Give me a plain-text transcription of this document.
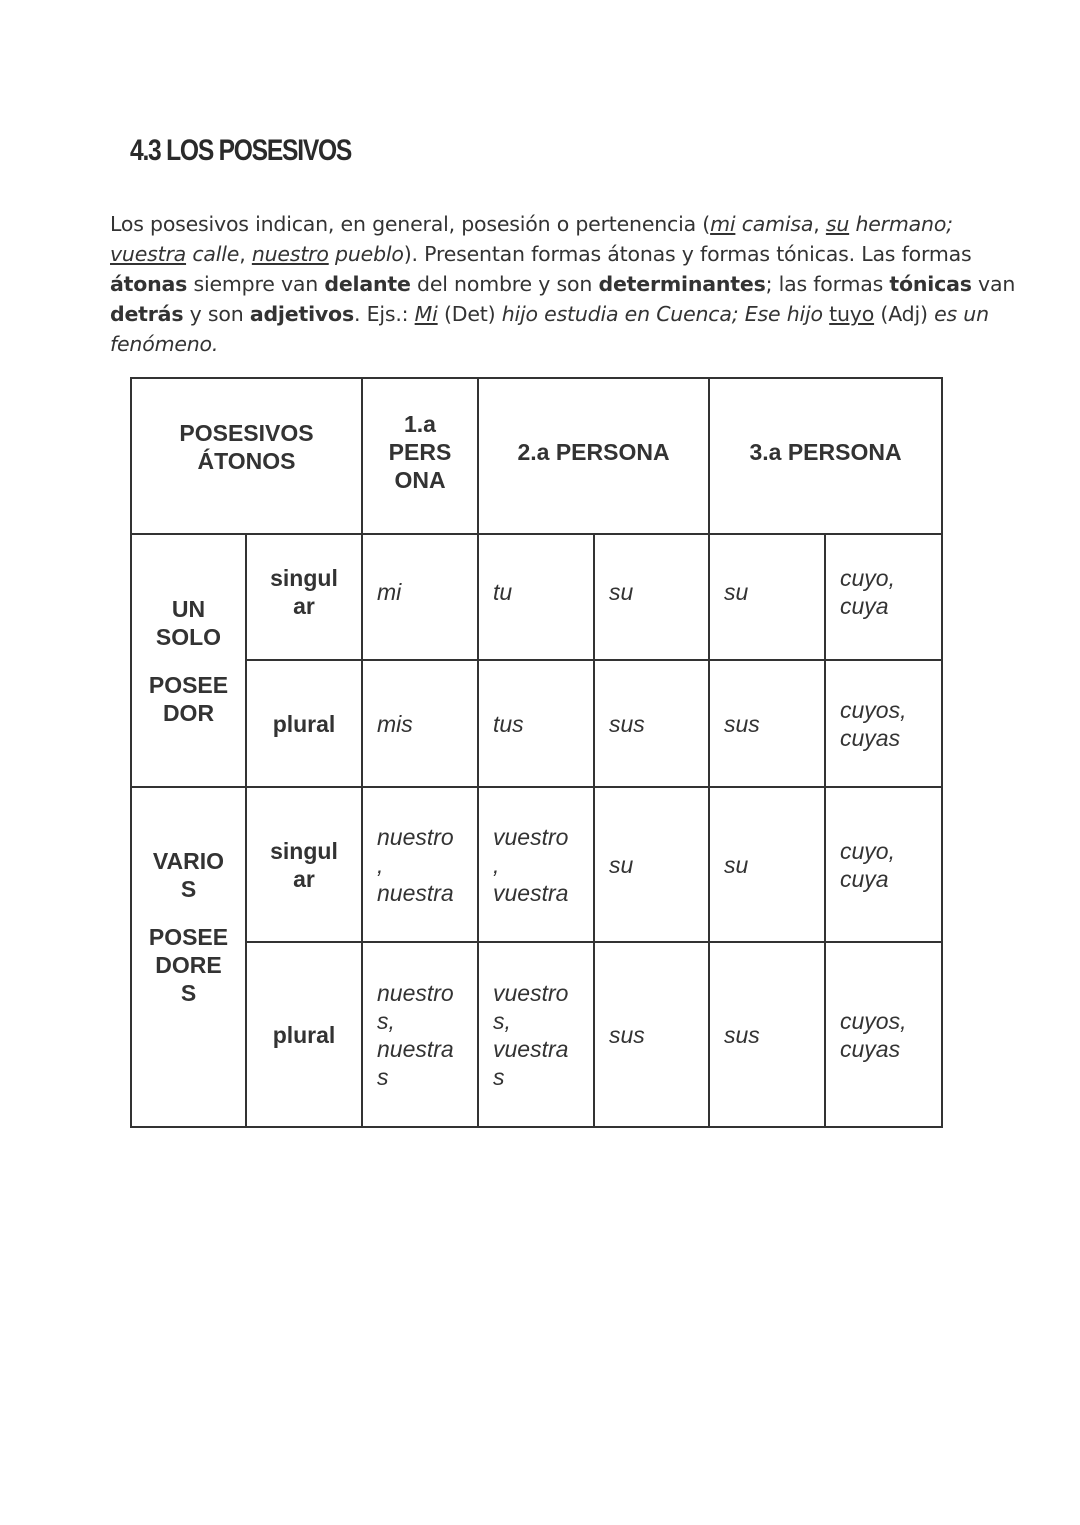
4.3 LOS POSESIVOS

Los posesivos indican, en general, posesión o pertenencia (mi camisa, su hermano;

vuestra calle, nuestro pueblo). Presentan formas átonas y formas tónicas. Las formas

átonas siempre van delante del nombre y son determinantes; las formas tónicas van

detrás y son adjetivos. Ejs.: Mi (Det) hijo estudia en Cuenca; Ese hijo tuyo (Adj) es un

fenómeno.

POSESIVOS
ÁTONOS		1.a
PERS
ONA	2.a PERSONA		3.a PERSONA	

UN
SOLO
POSEE
DOR	singul
ar	mi	tu	su	su	cuyo,
cuya

	plural	mis	tus	sus	sus	cuyos,
cuyas

VARIO
S
POSEE
DORE
S	singul
ar	nuestro
,
nuestra	vuestro
,
vuestra	su	su	cuyo,
cuya

	plural	nuestro
s,
nuestra
s	vuestro
s,
vuestra
s	sus	sus	cuyos,
cuyas
